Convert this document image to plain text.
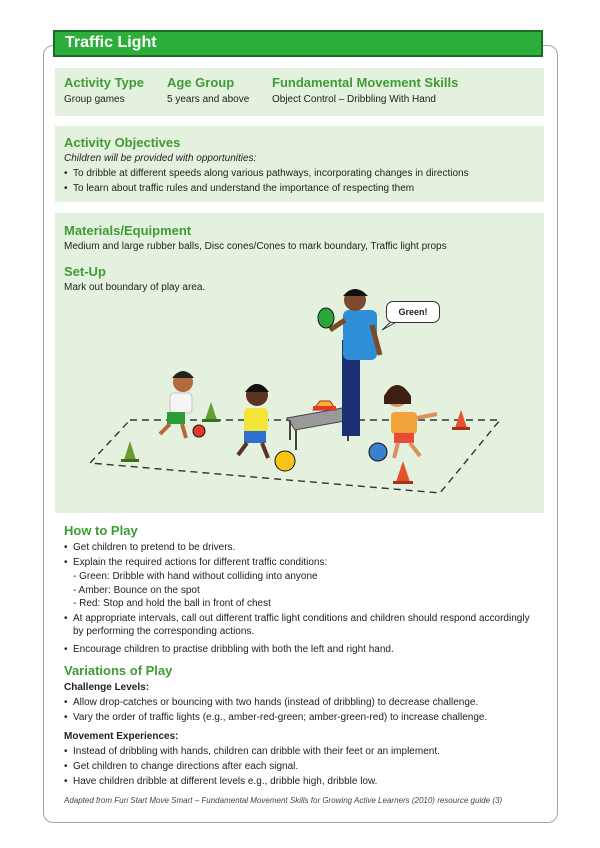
Traffic Light
Activity Type
Group games
Age Group
5 years and above
Fundamental Movement Skills
Object Control – Dribbling With Hand
Activity Objectives
Children will be provided with opportunities:
• To dribble at different speeds along various pathways, incorporating changes in directions
• To learn about traffic rules and understand the importance of respecting them
Materials/Equipment
Medium and large rubber balls, Disc cones/Cones to mark boundary, Traffic light props
Set-Up
Mark out boundary of play area.
Green!
How to Play
• Get children to pretend to be drivers.
• Explain the required actions for different traffic conditions:
- Green: Dribble with hand without colliding into anyone
- Amber: Bounce on the spot
- Red: Stop and hold the ball in front of chest
• At appropriate intervals, call out different traffic light conditions and children should respond accordingly by performing the corresponding actions.
• Encourage children to practise dribbling with both the left and right hand.
Variations of Play
Challenge Levels:
• Allow drop-catches or bouncing with two hands (instead of dribbling) to decrease challenge.
• Vary the order of traffic lights (e.g., amber-red-green; amber-green-red) to increase challenge.
Movement Experiences:
• Instead of dribbling with hands, children can dribble with their feet or an implement.
• Get children to change directions after each signal.
• Have children dribble at different levels e.g., dribble high, dribble low.
Adapted from Fun Start Move Smart – Fundamental Movement Skills for Growing Active Learners (2010) resource guide (3)
